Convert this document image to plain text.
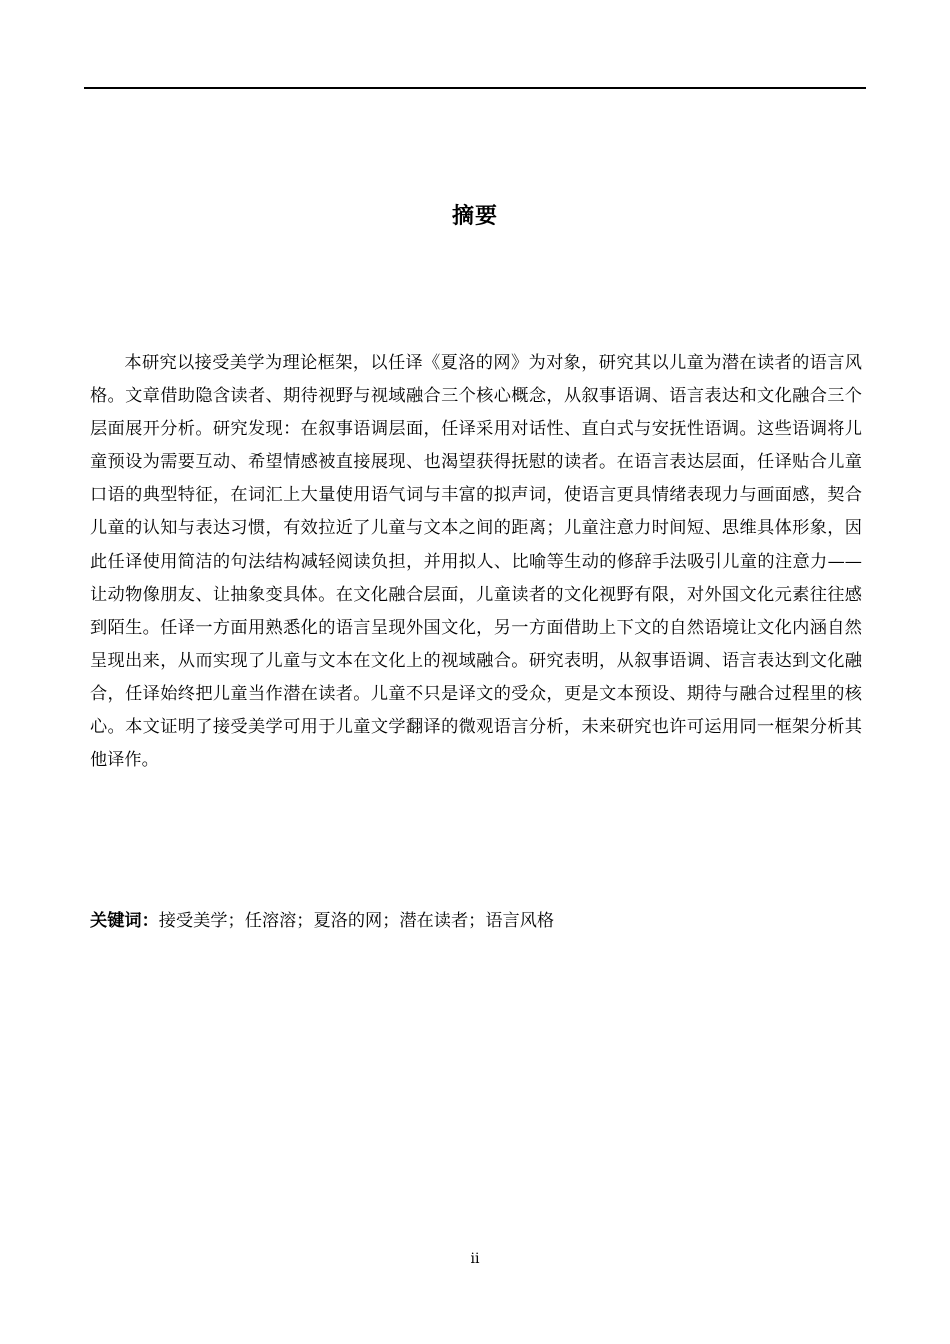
摘要

本研究以接受美学为理论框架，以任译《夏洛的网》为对象，研究其以儿童为潜在读者的语言风格。文章借助隐含读者、期待视野与视域融合三个核心概念，从叙事语调、语言表达和文化融合三个层面展开分析。研究发现：在叙事语调层面，任译采用对话性、直白式与安抚性语调。这些语调将儿童预设为需要互动、希望情感被直接展现、也渴望获得抚慰的读者。在语言表达层面，任译贴合儿童口语的典型特征，在词汇上大量使用语气词与丰富的拟声词，使语言更具情绪表现力与画面感，契合儿童的认知与表达习惯，有效拉近了儿童与文本之间的距离；儿童注意力时间短、思维具体形象，因此任译使用简洁的句法结构减轻阅读负担，并用拟人、比喻等生动的修辞手法吸引儿童的注意力——让动物像朋友、让抽象变具体。在文化融合层面，儿童读者的文化视野有限，对外国文化元素往往感到陌生。任译一方面用熟悉化的语言呈现外国文化，另一方面借助上下文的自然语境让文化内涵自然呈现出来，从而实现了儿童与文本在文化上的视域融合。研究表明，从叙事语调、语言表达到文化融合，任译始终把儿童当作潜在读者。儿童不只是译文的受众，更是文本预设、期待与融合过程里的核心。本文证明了接受美学可用于儿童文学翻译的微观语言分析，未来研究也许可运用同一框架分析其他译作。

关键词：接受美学；任溶溶；夏洛的网；潜在读者；语言风格

ii
